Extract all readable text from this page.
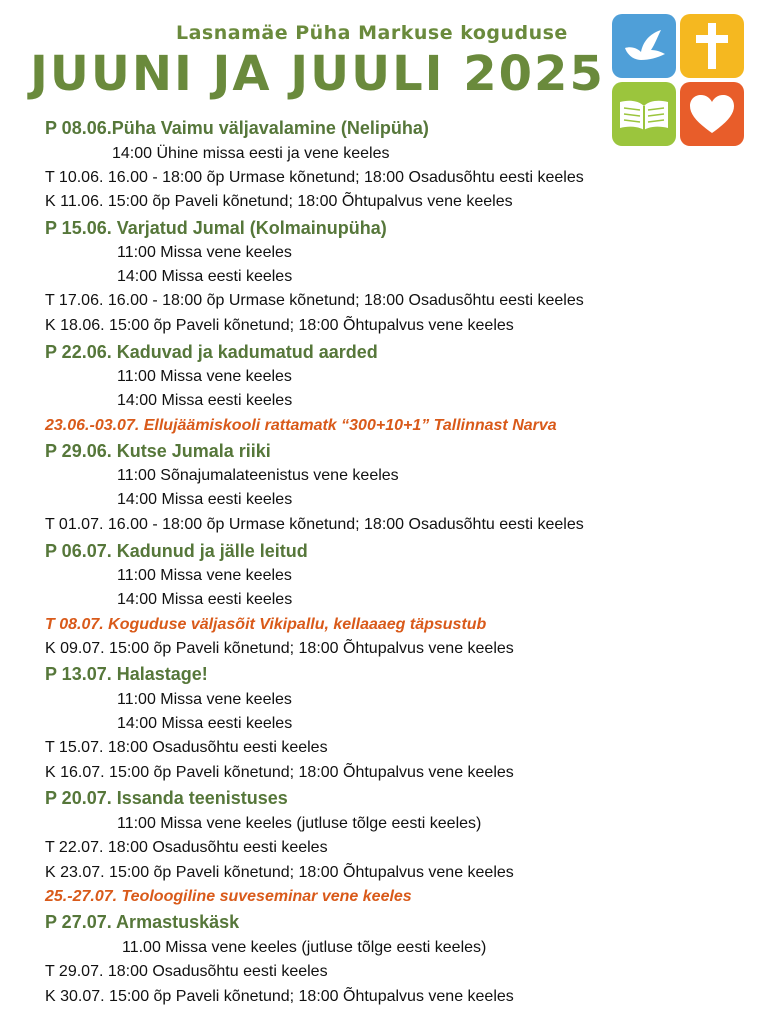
Lasnamäe Püha Markuse koguduse
JUUNI JA JUULI 2025
P 08.06.Püha Vaimu väljavalamine (Nelipüha)
14:00 Ühine missa eesti ja vene keeles
T 10.06. 16.00 - 18:00 õp Urmase kõnetund; 18:00 Osadusõhtu eesti keeles
K 11.06. 15:00 õp Paveli kõnetund; 18:00 Õhtupalvus vene keeles
P 15.06. Varjatud Jumal (Kolmainupüha)
11:00 Missa vene keeles
14:00 Missa eesti keeles
T 17.06. 16.00 - 18:00 õp Urmase kõnetund; 18:00 Osadusõhtu eesti keeles
K 18.06. 15:00 õp Paveli kõnetund; 18:00 Õhtupalvus vene keeles
P 22.06. Kaduvad ja kadumatud aarded
11:00 Missa vene keeles
14:00 Missa eesti keeles
23.06.-03.07. Ellujäämiskooli rattamatk “300+10+1” Tallinnast Narva
P 29.06. Kutse Jumala riiki
11:00 Sõnajumalateenistus vene keeles
14:00 Missa eesti keeles
T 01.07. 16.00 - 18:00 õp Urmase kõnetund; 18:00 Osadusõhtu eesti keeles
P 06.07. Kadunud ja jälle leitud
11:00 Missa vene keeles
14:00 Missa eesti keeles
T 08.07. Koguduse väljasõit Vikipallu, kellaaaeg täpsustub
K 09.07. 15:00 õp Paveli kõnetund; 18:00 Õhtupalvus vene keeles
P 13.07. Halastage!
11:00 Missa vene keeles
14:00 Missa eesti keeles
T 15.07. 18:00 Osadusõhtu eesti keeles
K 16.07. 15:00 õp Paveli kõnetund; 18:00 Õhtupalvus vene keeles
P 20.07. Issanda teenistuses
11:00 Missa vene keeles (jutluse tõlge eesti keeles)
T 22.07. 18:00 Osadusõhtu eesti keeles
K 23.07. 15:00 õp Paveli kõnetund; 18:00 Õhtupalvus vene keeles
25.-27.07. Teoloogiline suveseminar vene keeles
P 27.07. Armastuskäsk
11.00 Missa vene keeles (jutluse tõlge eesti keeles)
T 29.07. 18:00 Osadusõhtu eesti keeles
K 30.07. 15:00 õp Paveli kõnetund; 18:00 Õhtupalvus vene keeles
